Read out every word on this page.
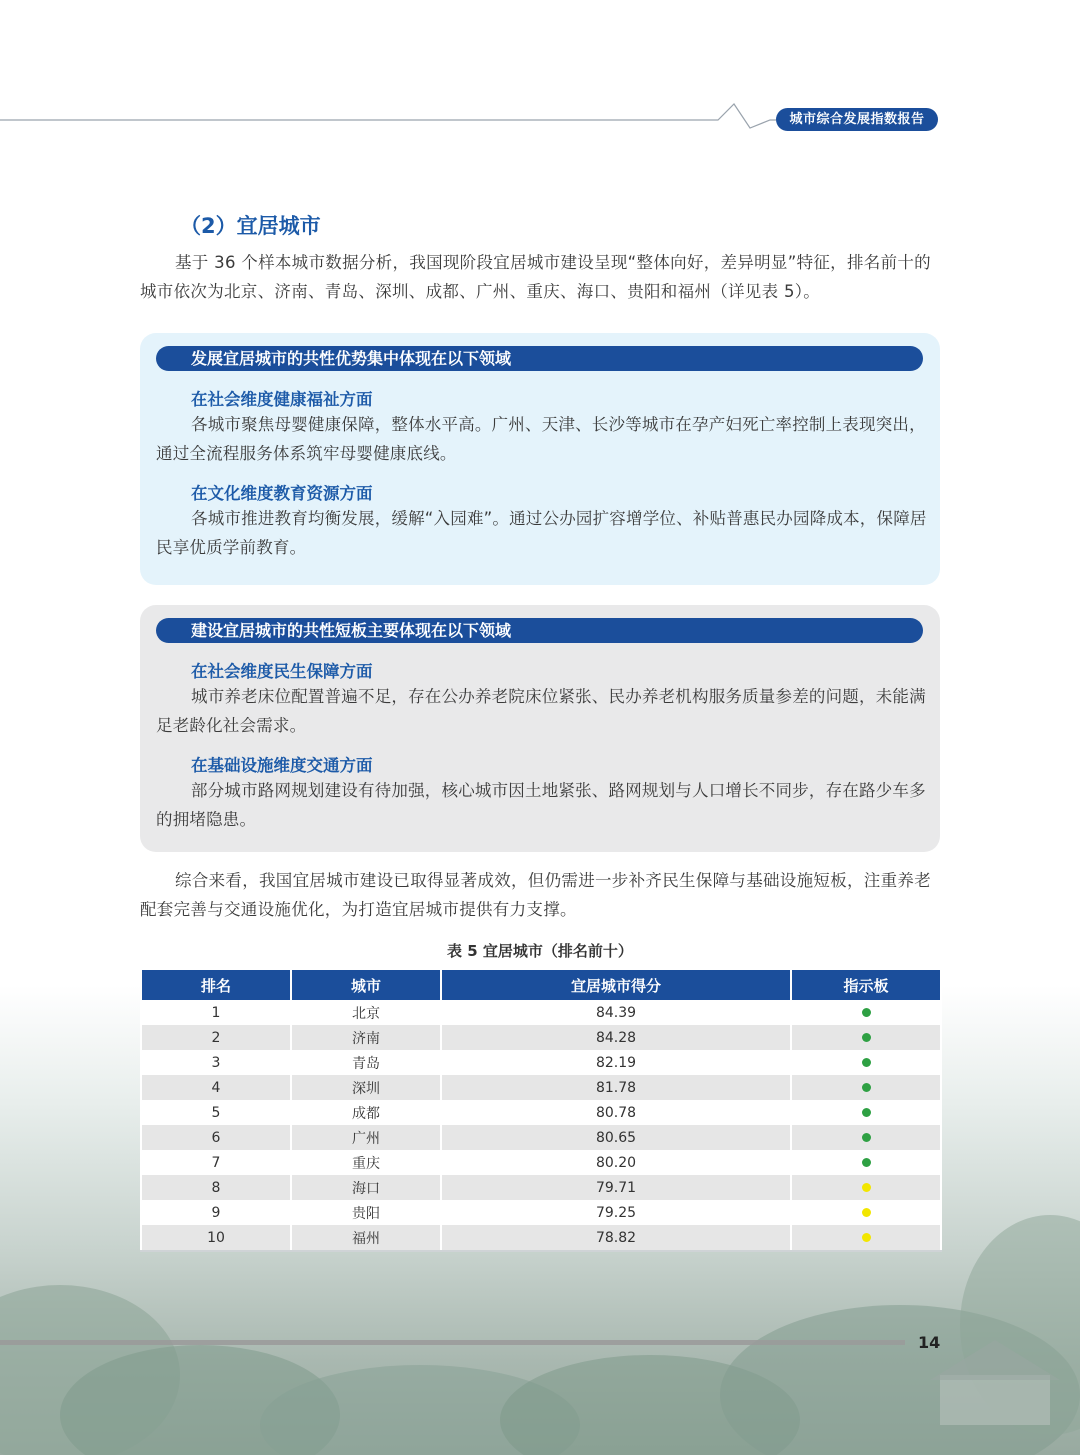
城市综合发展指数报告
（2）宜居城市
基于 36 个样本城市数据分析，我国现阶段宜居城市建设呈现“整体向好，差异明显”特征，排名前十的城市依次为北京、济南、青岛、深圳、成都、广州、重庆、海口、贵阳和福州（详见表 5）。
发展宜居城市的共性优势集中体现在以下领域
在社会维度健康福祉方面
各城市聚焦母婴健康保障，整体水平高。广州、天津、长沙等城市在孕产妇死亡率控制上表现突出，通过全流程服务体系筑牢母婴健康底线。
在文化维度教育资源方面
各城市推进教育均衡发展，缓解“入园难”。通过公办园扩容增学位、补贴普惠民办园降成本，保障居民享优质学前教育。
建设宜居城市的共性短板主要体现在以下领域
在社会维度民生保障方面
城市养老床位配置普遍不足，存在公办养老院床位紧张、民办养老机构服务质量参差的问题，未能满足老龄化社会需求。
在基础设施维度交通方面
部分城市路网规划建设有待加强，核心城市因土地紧张、路网规划与人口增长不同步，存在路少车多的拥堵隐患。
综合来看，我国宜居城市建设已取得显著成效，但仍需进一步补齐民生保障与基础设施短板，注重养老配套完善与交通设施优化，为打造宜居城市提供有力支撑。
表 5 宜居城市（排名前十）
排名	城市	宜居城市得分	指示板
1	北京	84.39	
2	济南	84.28	
3	青岛	82.19	
4	深圳	81.78	
5	成都	80.78	
6	广州	80.65	
7	重庆	80.20	
8	海口	79.71	
9	贵阳	79.25	
10	福州	78.82	
14
